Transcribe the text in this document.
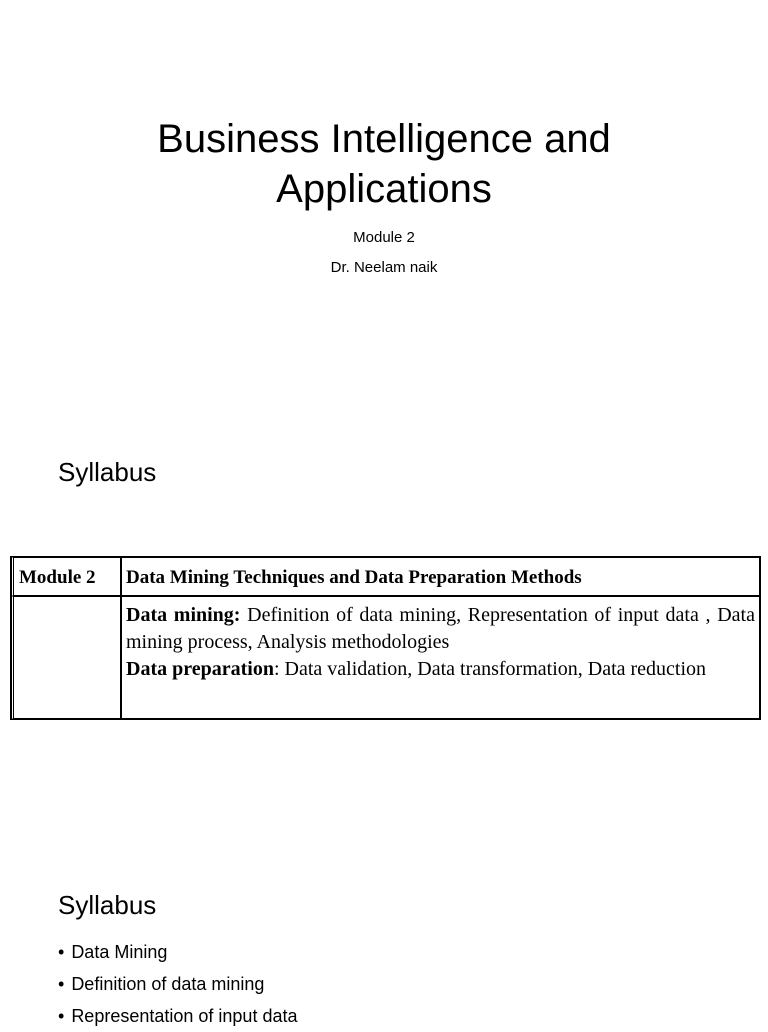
Business Intelligence and Applications
Module 2
Dr. Neelam naik
Syllabus
Module 2	Data Mining Techniques and Data Preparation Methods

	Data mining: Definition of data mining, Representation of input data , Data mining process, Analysis methodologies
Data preparation: Data validation, Data transformation, Data reduction
Syllabus
• Data Mining
• Definition of data mining
• Representation of input data
